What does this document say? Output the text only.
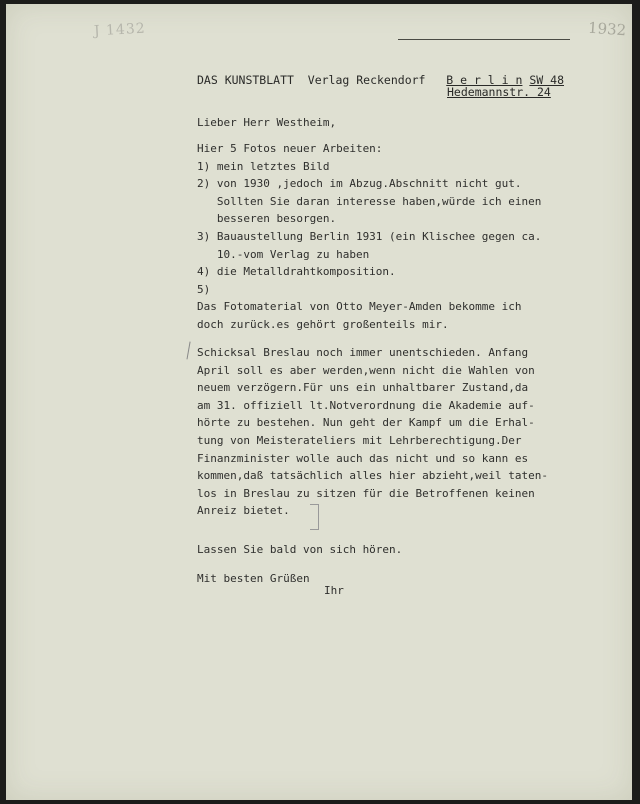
J 1432	1932
DAS KUNSTBLATT  Verlag Reckendorf B e r l i n SW 48
Hedemannstr. 24
Lieber Herr Westheim,
Hier 5 Fotos neuer Arbeiten:
1) mein letztes Bild
2) von 1930 ,jedoch im Abzug.Abschnitt nicht gut.
Sollten Sie daran interesse haben,würde ich einen
besseren besorgen.
3) Bauaustellung Berlin 1931 (ein Klischee gegen ca.
10.-vom Verlag zu haben
4) die Metalldrahtkomposition.
5)
Das Fotomaterial von Otto Meyer-Amden bekomme ich
doch zurück.es gehört großenteils mir.
Schicksal Breslau noch immer unentschieden. Anfang
April soll es aber werden,wenn nicht die Wahlen von
neuem verzögern.Für uns ein unhaltbarer Zustand,da
am 31. offiziell lt.Notverordnung die Akademie auf-
hörte zu bestehen. Nun geht der Kampf um die Erhal-
tung von Meisterateliers mit Lehrberechtigung.Der
Finanzminister wolle auch das nicht und so kann es
kommen,daß tatsächlich alles hier abzieht,weil taten-
los in Breslau zu sitzen für die Betroffenen keinen
Anreiz bietet.
Lassen Sie bald von sich hören.
Mit besten Grüßen
Ihr
